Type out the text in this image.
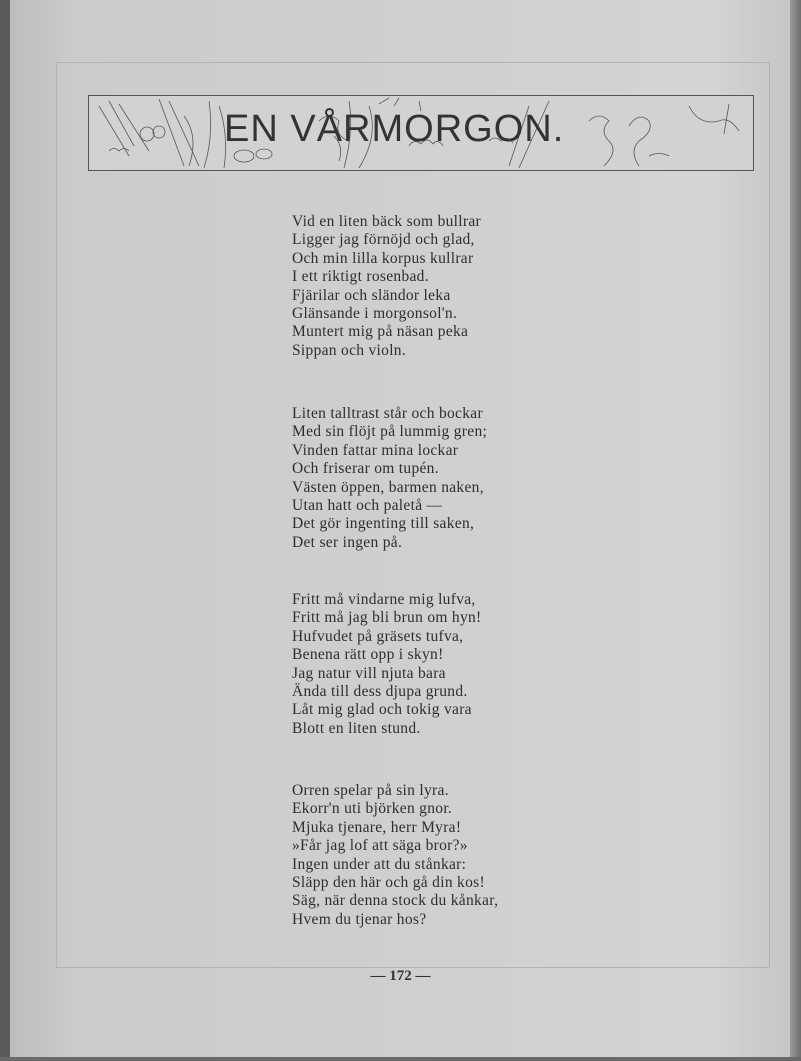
EN VÅRMORGON.
Vid en liten bäck som bullrar
Ligger jag förnöjd och glad,
Och min lilla korpus kullrar
I ett riktigt rosenbad.
Fjärilar och sländor leka
Glänsande i morgonsol'n.
Muntert mig på näsan peka
Sippan och violn.
Liten talltrast står och bockar
Med sin flöjt på lummig gren;
Vinden fattar mina lockar
Och friserar om tupén.
Västen öppen, barmen naken,
Utan hatt och paletå —
Det gör ingenting till saken,
Det ser ingen på.
Fritt må vindarne mig lufva,
Fritt må jag bli brun om hyn!
Hufvudet på gräsets tufva,
Benena rätt opp i skyn!
Jag natur vill njuta bara
Ända till dess djupa grund.
Låt mig glad och tokig vara
Blott en liten stund.
Orren spelar på sin lyra.
Ekorr'n uti björken gnor.
Mjuka tjenare, herr Myra!
»Får jag lof att säga bror?»
Ingen under att du stånkar:
Släpp den här och gå din kos!
Säg, när denna stock du kånkar,
Hvem du tjenar hos?
— 172 —
